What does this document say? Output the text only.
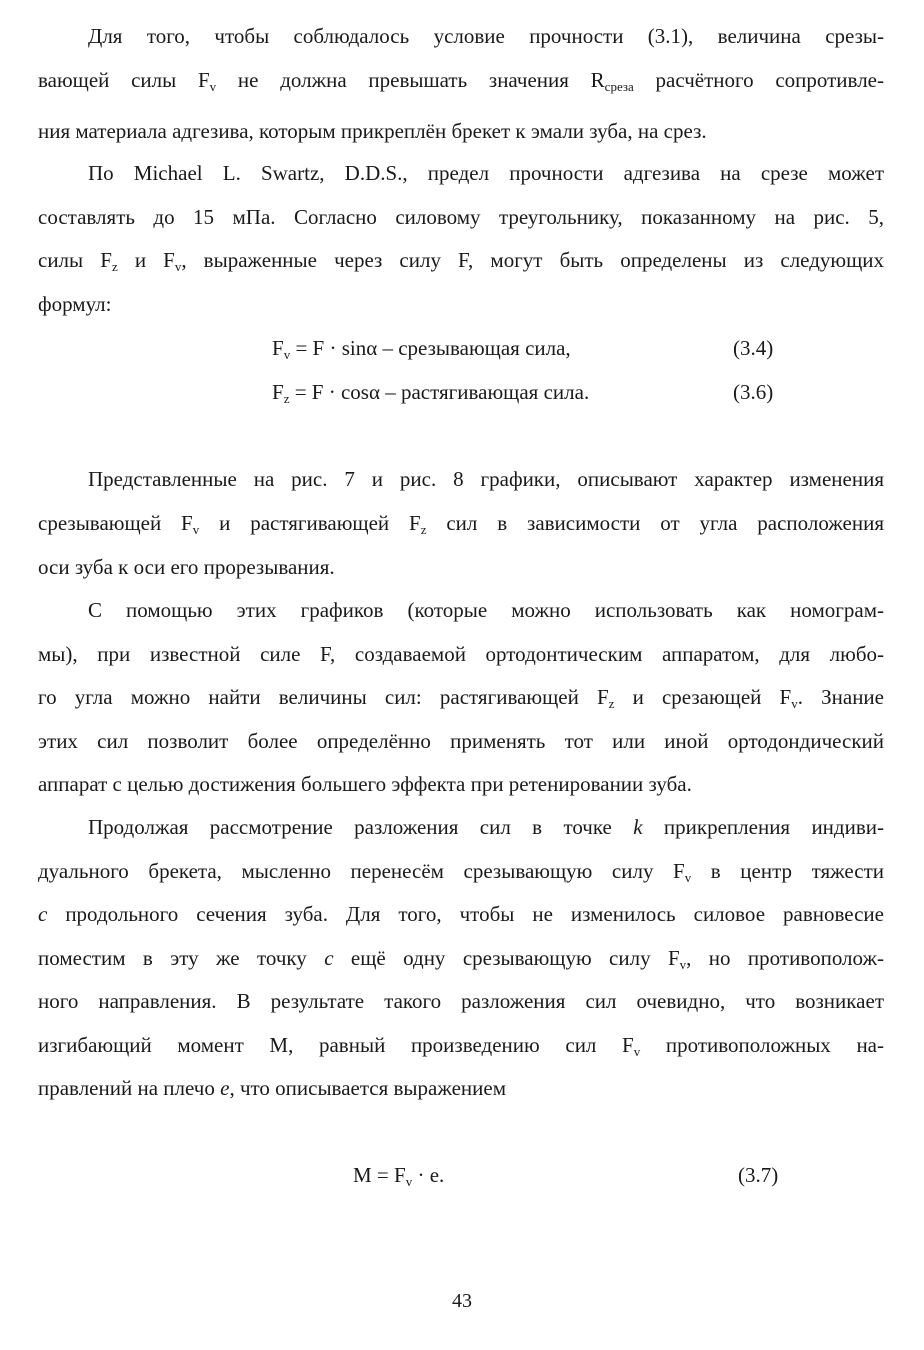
Для того, чтобы соблюдалось условие прочности (3.1), величина срезы-
вающей силы $F_v$ не должна превышать значения $R_{среза}$ расчётного сопротивле-
ния материала адгезива, которым прикреплён брекет к эмали зуба, на срез.
По Michael L. Swartz, D.D.S., предел прочности адгезива на срезе может
составлять до 15 мПа. Согласно силовому треугольнику, показанному на рис. 5,
силы $F_z$ и $F_v$, выраженные через силу F, могут быть определены из следующих
формул:
$F_v = F \cdot \sin\alpha$ – срезывающая сила,	(3.4)
$F_z = F \cdot \cos\alpha$ – растягивающая сила.	(3.6)
Представленные на рис. 7 и рис. 8 графики, описывают характер изменения
срезывающей $F_v$ и растягивающей $F_z$ сил в зависимости от угла расположения
оси зуба к оси его прорезывания.
С помощью этих графиков (которые можно использовать как номограм-
мы), при известной силе F, создаваемой ортодонтическим аппаратом, для любо-
го угла можно найти величины сил: растягивающей $F_z$ и срезающей $F_v$. Знание
этих сил позволит более определённо применять тот или иной ортодондический
аппарат с целью достижения большего эффекта при ретенировании зуба.
Продолжая рассмотрение разложения сил в точке k прикрепления индиви-
дуального брекета, мысленно перенесём срезывающую силу $F_v$ в центр тяжести
c продольного сечения зуба. Для того, чтобы не изменилось силовое равновесие
поместим в эту же точку c ещё одну срезывающую силу $F_v$, но противополож-
ного направления. В результате такого разложения сил очевидно, что возникает
изгибающий момент М, равный произведению сил $F_v$ противоположных на-
правлений на плечо e, что описывается выражением
$M = F_v \cdot e$.	(3.7)
43
